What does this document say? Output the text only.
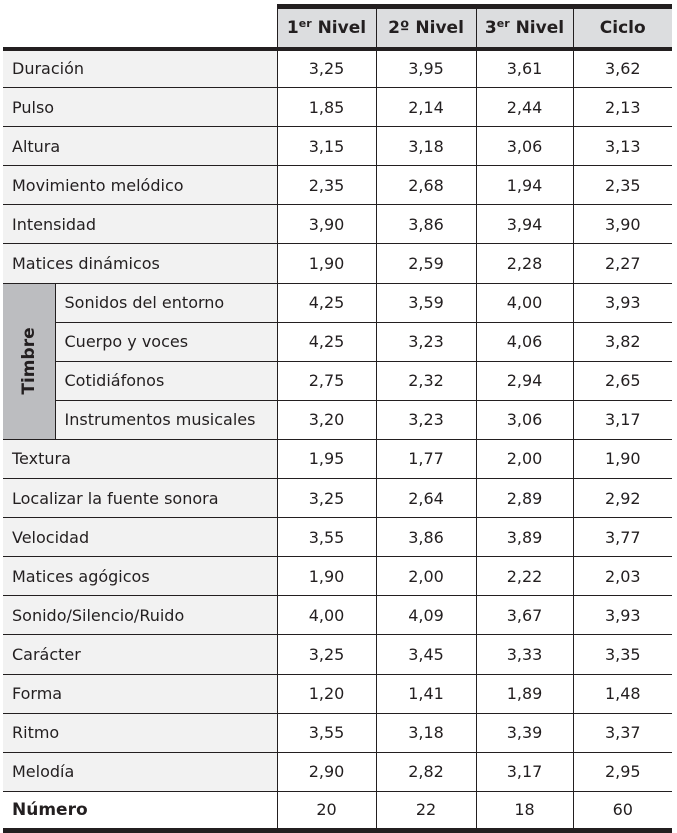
		1er Nivel	2º Nivel	3er Nivel	Ciclo
Duración		3,25	3,95	3,61	3,62
Pulso		1,85	2,14	2,44	2,13
Altura		3,15	3,18	3,06	3,13
Movimiento melódico		2,35	2,68	1,94	2,35
Intensidad		3,90	3,86	3,94	3,90
Matices dinámicos		1,90	2,59	2,28	2,27

Timbre	Sonidos del entorno	4,25	3,59	4,00	3,93
	Cuerpo y voces	4,25	3,23	4,06	3,82
	Cotidiáfonos	2,75	2,32	2,94	2,65
	Instrumentos musicales	3,20	3,23	3,06	3,17
Textura		1,95	1,77	2,00	1,90
Localizar la fuente sonora		3,25	2,64	2,89	2,92
Velocidad		3,55	3,86	3,89	3,77
Matices agógicos		1,90	2,00	2,22	2,03
Sonido/Silencio/Ruido		4,00	4,09	3,67	3,93
Carácter		3,25	3,45	3,33	3,35
Forma		1,20	1,41	1,89	1,48
Ritmo		3,55	3,18	3,39	3,37
Melodía		2,90	2,82	3,17	2,95
Número		20	22	18	60
